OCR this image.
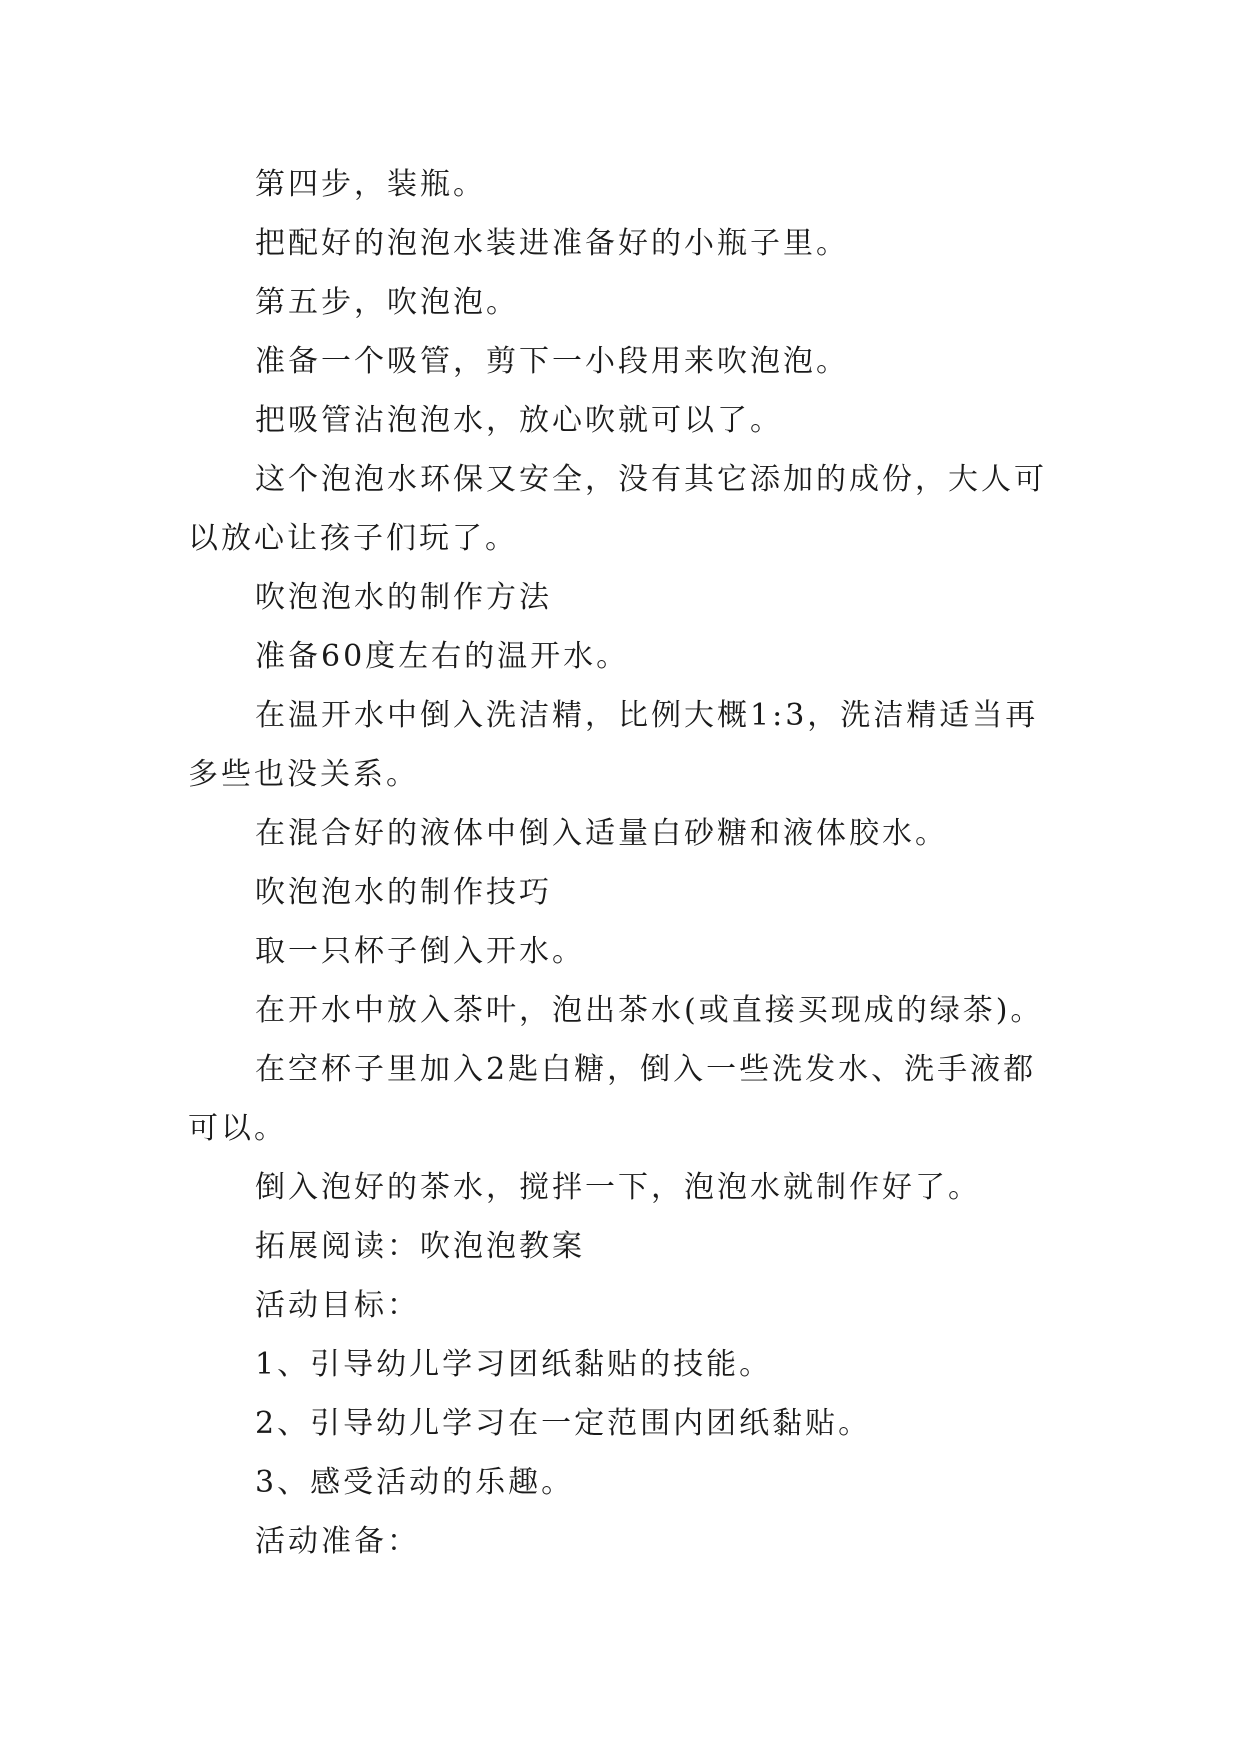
第四步，装瓶。

把配好的泡泡水装进准备好的小瓶子里。

第五步，吹泡泡。

准备一个吸管，剪下一小段用来吹泡泡。

把吸管沾泡泡水，放心吹就可以了。

这个泡泡水环保又安全，没有其它添加的成份，大人可以放心让孩子们玩了。

吹泡泡水的制作方法

准备60度左右的温开水。

在温开水中倒入洗洁精，比例大概1:3，洗洁精适当再多些也没关系。

在混合好的液体中倒入适量白砂糖和液体胶水。

吹泡泡水的制作技巧

取一只杯子倒入开水。

在开水中放入茶叶，泡出茶水(或直接买现成的绿茶)。

在空杯子里加入2匙白糖，倒入一些洗发水、洗手液都可以。

倒入泡好的茶水，搅拌一下，泡泡水就制作好了。

拓展阅读：吹泡泡教案

活动目标：

1、引导幼儿学习团纸黏贴的技能。

2、引导幼儿学习在一定范围内团纸黏贴。

3、感受活动的乐趣。

活动准备：
